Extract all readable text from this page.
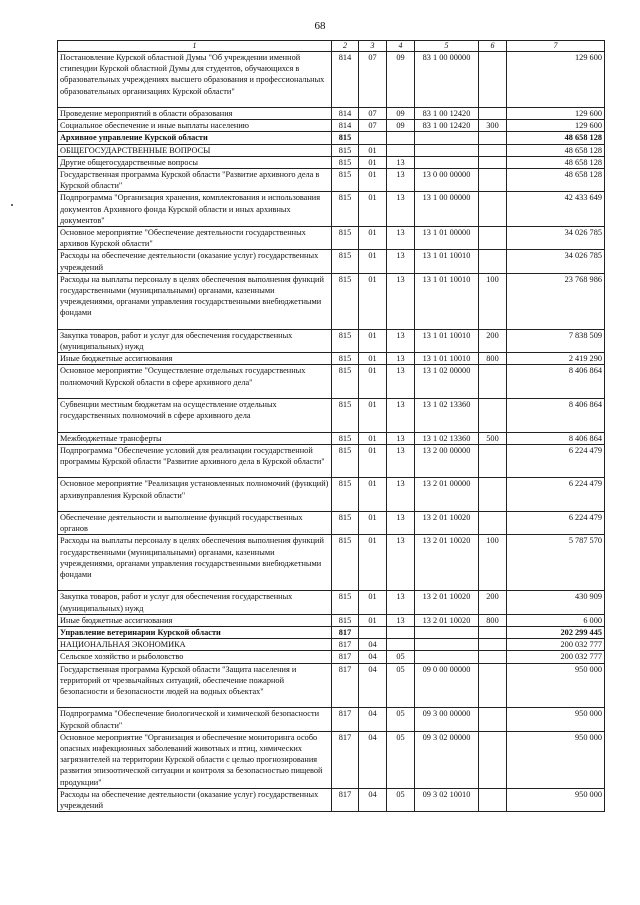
68
1	2	3	4	5	6	7
Постановление Курской областной Думы "Об учреждении именной стипендии Курской областной Думы для студентов, обучающихся в образовательных учреждениях высшего образования и профессиональных образовательных организациях Курской области"	814	07	09	83 1 00 00000		129 600
Проведение мероприятий в области образования	814	07	09	83 1 00 12420		129 600
Социальное обеспечение и иные выплаты населению	814	07	09	83 1 00 12420	300	129 600
Архивное управление Курской области	815					48 658 128
ОБЩЕГОСУДАРСТВЕННЫЕ ВОПРОСЫ	815	01				48 658 128
Другие общегосударственные вопросы	815	01	13			48 658 128
Государственная программа Курской области "Развитие архивного дела в Курской области"	815	01	13	13 0 00 00000		48 658 128
Подпрограмма "Организация хранения, комплектования и использования документов Архивного фонда Курской области и иных архивных документов"	815	01	13	13 1 00 00000		42 433 649
Основное мероприятие "Обеспечение деятельности государственных архивов Курской области"	815	01	13	13 1 01 00000		34 026 785
Расходы на обеспечение деятельности (оказание услуг) государственных учреждений	815	01	13	13 1 01 10010		34 026 785
Расходы на выплаты персоналу в целях обеспечения выполнения функций государственными (муниципальными) органами, казенными учреждениями, органами управления государственными внебюджетными фондами	815	01	13	13 1 01 10010	100	23 768 986
Закупка товаров, работ и услуг для обеспечения государственных (муниципальных) нужд	815	01	13	13 1 01 10010	200	7 838 509
Иные бюджетные ассигнования	815	01	13	13 1 01 10010	800	2 419 290
Основное мероприятие "Осуществление отдельных государственных полномочий Курской области в сфере архивного дела"	815	01	13	13 1 02 00000		8 406 864
Субвенции местным бюджетам на осуществление отдельных государственных полномочий в сфере архивного дела	815	01	13	13 1 02 13360		8 406 864
Межбюджетные трансферты	815	01	13	13 1 02 13360	500	8 406 864
Подпрограмма "Обеспечение условий для реализации государственной программы Курской области "Развитие архивного дела в Курской области"	815	01	13	13 2 00 00000		6 224 479
Основное мероприятие "Реализация установленных полномочий (функций) архивуправления Курской области"	815	01	13	13 2 01 00000		6 224 479
Обеспечение деятельности и выполнение функций государственных органов	815	01	13	13 2 01 10020		6 224 479
Расходы на выплаты персоналу в целях обеспечения выполнения функций государственными (муниципальными) органами, казенными учреждениями, органами управления государственными внебюджетными фондами	815	01	13	13 2 01 10020	100	5 787 570
Закупка товаров, работ и услуг для обеспечения государственных (муниципальных) нужд	815	01	13	13 2 01 10020	200	430 909
Иные бюджетные ассигнования	815	01	13	13 2 01 10020	800	6 000
Управление ветеринарии Курской области	817					202 299 445
НАЦИОНАЛЬНАЯ ЭКОНОМИКА	817	04				200 032 777
Сельское хозяйство и рыболовство	817	04	05			200 032 777
Государственная программа Курской области "Защита населения и территорий от чрезвычайных ситуаций, обеспечение пожарной безопасности и безопасности людей на водных объектах"	817	04	05	09 0 00 00000		950 000
Подпрограмма "Обеспечение биологической и химической безопасности Курской области"	817	04	05	09 3 00 00000		950 000
Основное мероприятие "Организация и обеспечение мониторинга особо опасных инфекционных заболеваний животных и птиц, химических загрязнителей на территории Курской области с целью прогнозирования развития эпизоотической ситуации и контроля за безопасностью пищевой продукции"	817	04	05	09 3 02 00000		950 000
Расходы на обеспечение деятельности (оказание услуг) государственных учреждений	817	04	05	09 3 02 10010		950 000
